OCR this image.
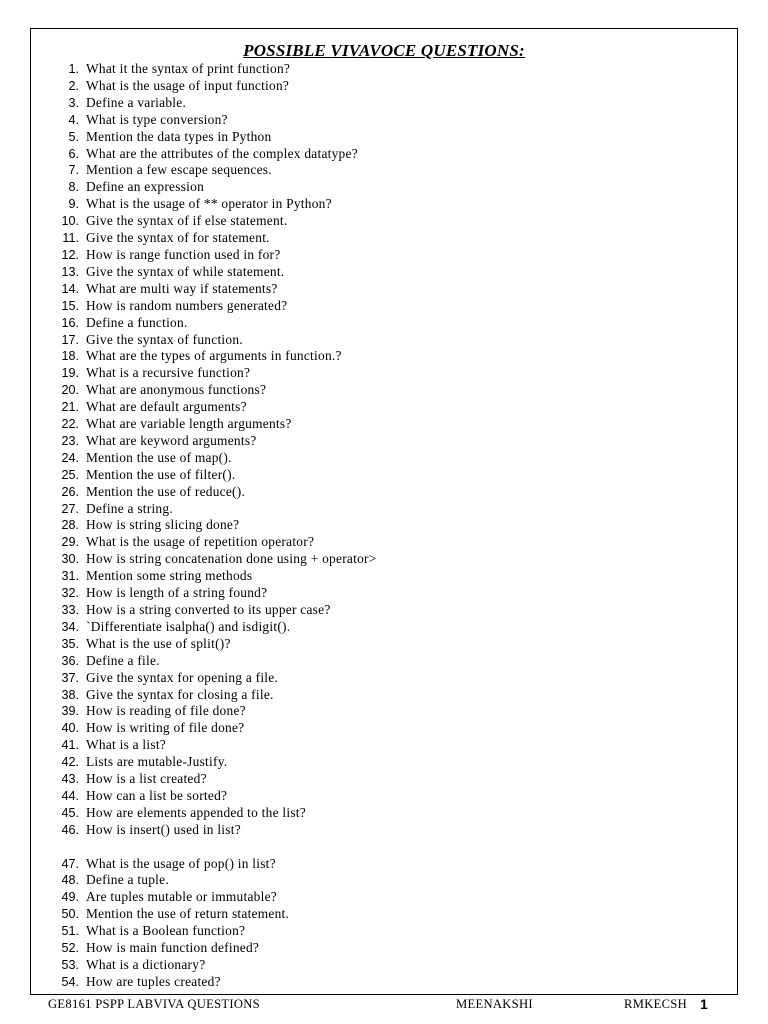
POSSIBLE VIVAVOCE QUESTIONS:
1. What it the syntax of print function?
2. What is the usage of input function?
3. Define a variable.
4. What is type conversion?
5. Mention the data types in Python
6. What are the attributes of the complex datatype?
7. Mention a few escape sequences.
8. Define an expression
9. What is the usage of ** operator in Python?
10. Give the syntax of if else statement.
11. Give the syntax of for statement.
12. How is range function used in for?
13. Give the syntax of while statement.
14. What are multi way if statements?
15. How is random numbers generated?
16. Define a function.
17. Give the syntax of function.
18. What are the types of arguments in function.?
19. What is a recursive function?
20. What are anonymous functions?
21. What are default arguments?
22. What are variable length arguments?
23. What are keyword arguments?
24. Mention the use of map().
25. Mention the use of filter().
26. Mention the use of reduce().
27. Define a string.
28. How is string slicing done?
29. What is the usage of repetition operator?
30. How is string concatenation done using + operator>
31. Mention some string methods
32. How is length of a string found?
33. How is a string converted to its upper case?
34. `Differentiate isalpha() and isdigit().
35. What is the use of split()?
36. Define a file.
37. Give the syntax for opening a file.
38. Give the syntax for closing a file.
39. How is reading of file done?
40. How is writing of file done?
41. What is a list?
42. Lists are mutable-Justify.
43. How is a list created?
44. How can a list be sorted?
45. How are elements appended to the list?
46. How is insert() used in list?
47. What is the usage of pop() in list?
48. Define a tuple.
49. Are tuples mutable or immutable?
50. Mention the use of return statement.
51. What is a Boolean function?
52. How is main function defined?
53. What is a dictionary?
54. How are tuples created?
GE8161 PSPP LABVIVA QUESTIONS	MEENAKSHI	RMKECSH 1
